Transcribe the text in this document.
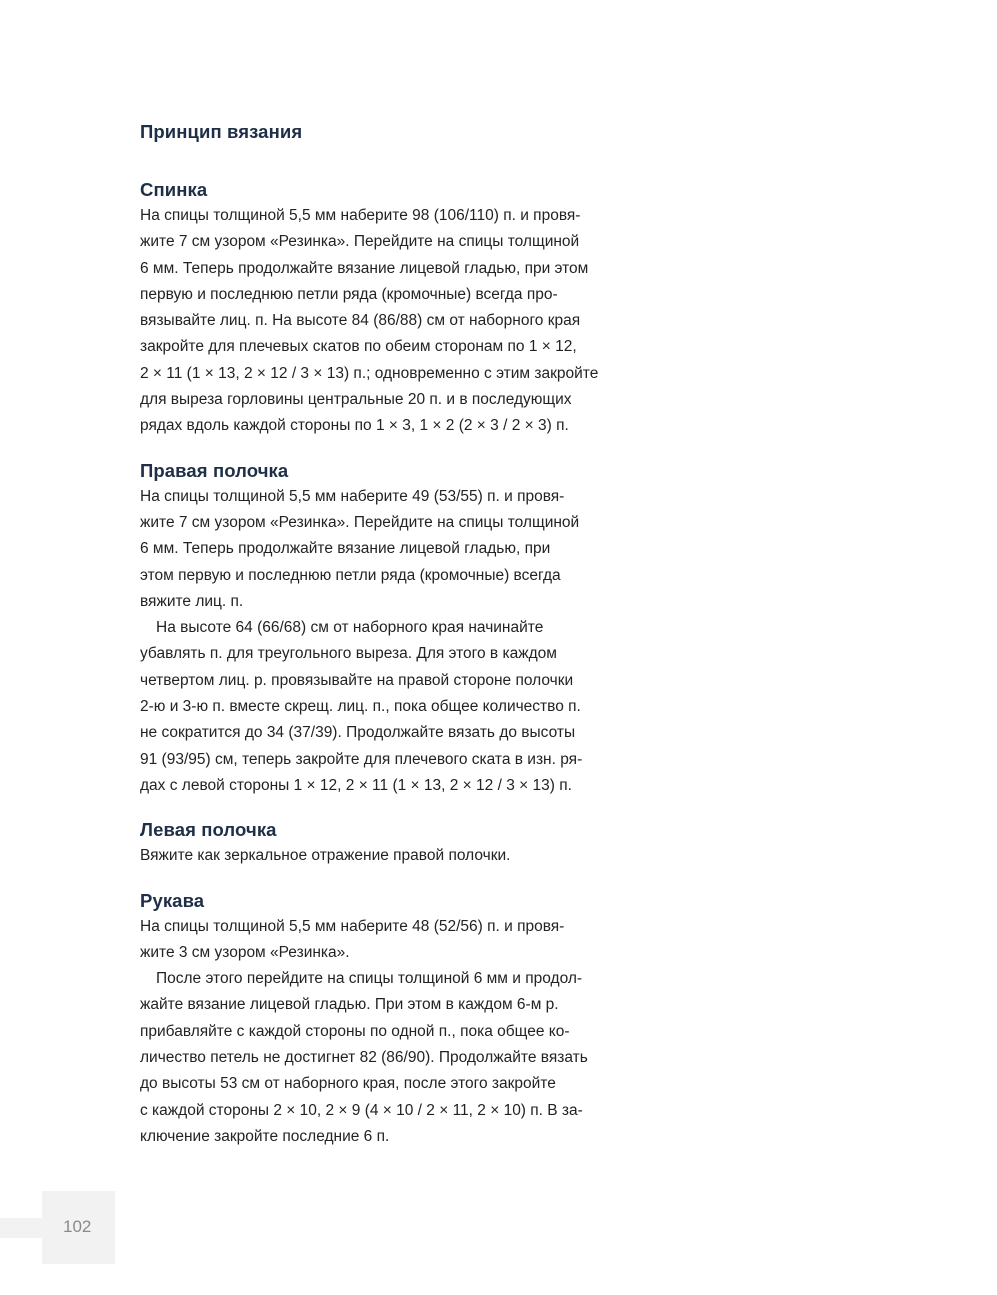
Принцип вязания
Спинка

На спицы толщиной 5,5 мм наберите 98 (106/110) п. и провя-
жите 7 см узором «Резинка». Перейдите на спицы толщиной
6 мм. Теперь продолжайте вязание лицевой гладью, при этом
первую и последнюю петли ряда (кромочные) всегда про-
вязывайте лиц. п. На высоте 84 (86/88) см от наборного края
закройте для плечевых скатов по обеим сторонам по 1 × 12,
2 × 11 (1 × 13, 2 × 12 / 3 × 13) п.; одновременно с этим закройте
для выреза горловины центральные 20 п. и в последующих
рядах вдоль каждой стороны по 1 × 3, 1 × 2 (2 × 3 / 2 × 3) п.

Правая полочка

На спицы толщиной 5,5 мм наберите 49 (53/55) п. и провя-
жите 7 см узором «Резинка». Перейдите на спицы толщиной
6 мм. Теперь продолжайте вязание лицевой гладью, при
этом первую и последнюю петли ряда (кромочные) всегда
вяжите лиц. п.

На высоте 64 (66/68) см от наборного края начинайте
убавлять п. для треугольного выреза. Для этого в каждом
четвертом лиц. р. провязывайте на правой стороне полочки
2-ю и 3-ю п. вместе скрещ. лиц. п., пока общее количество п.
не сократится до 34 (37/39). Продолжайте вязать до высоты
91 (93/95) см, теперь закройте для плечевого ската в изн. ря-
дах с левой стороны 1 × 12, 2 × 11 (1 × 13, 2 × 12 / 3 × 13) п.

Левая полочка

Вяжите как зеркальное отражение правой полочки.

Рукава

На спицы толщиной 5,5 мм наберите 48 (52/56) п. и провя-
жите 3 см узором «Резинка».

После этого перейдите на спицы толщиной 6 мм и продол-
жайте вязание лицевой гладью. При этом в каждом 6-м р.
прибавляйте с каждой стороны по одной п., пока общее ко-
личество петель не достигнет 82 (86/90). Продолжайте вязать
до высоты 53 см от наборного края, после этого закройте
с каждой стороны 2 × 10, 2 × 9 (4 × 10 / 2 × 11, 2 × 10) п. В за-
ключение закройте последние 6 п.

102
